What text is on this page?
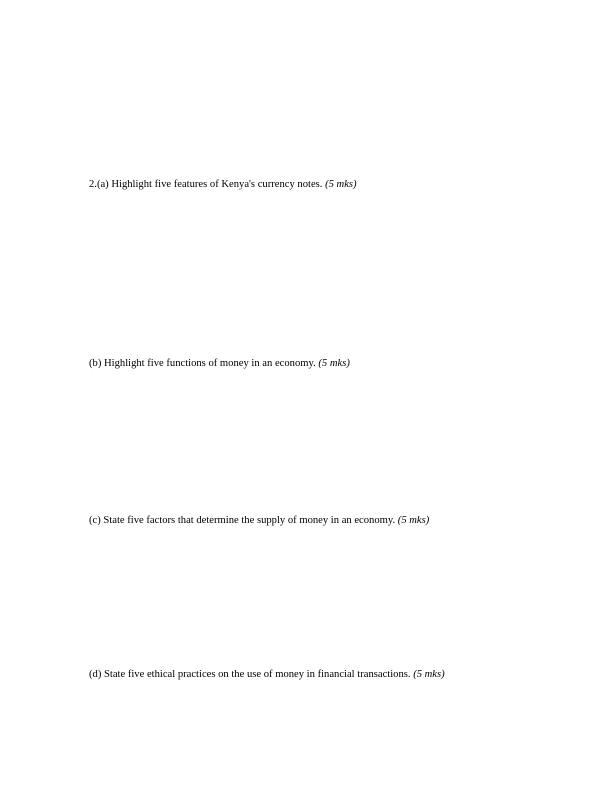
2.(a) Highlight five features of Kenya's currency notes. (5 mks)

(b) Highlight five functions of money in an economy. (5 mks)

(c) State five factors that determine the supply of money in an economy. (5 mks)

(d) State five ethical practices on the use of money in financial transactions. (5 mks)
